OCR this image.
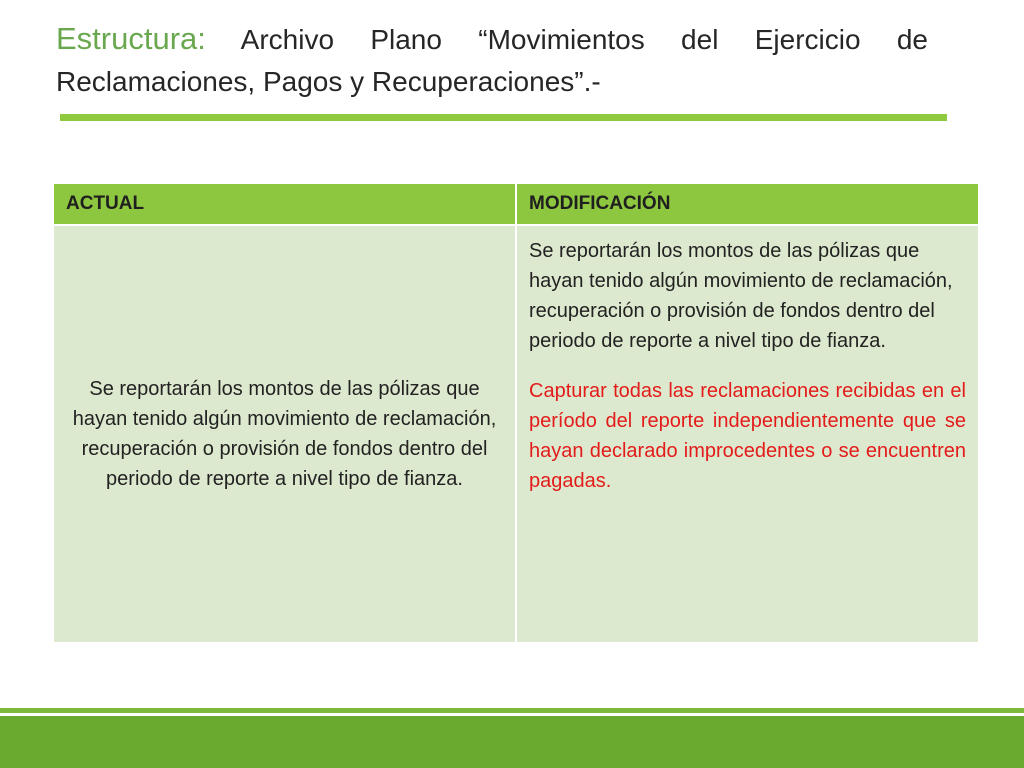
Estructura: Archivo Plano “Movimientos del Ejercicio de Reclamaciones, Pagos y Recuperaciones”.-
ACTUAL	MODIFICACIÓN
Se reportarán los montos de las pólizas que hayan tenido algún movimiento de reclamación, recuperación o provisión de fondos dentro del periodo de reporte a nivel tipo de fianza.	Se reportarán los montos de las pólizas que hayan tenido algún movimiento de reclamación, recuperación o provisión de fondos dentro del periodo de reporte a nivel tipo de fianza.

Capturar todas las reclamaciones recibidas en el período del reporte independientemente que se hayan declarado improcedentes o se encuentren pagadas.
